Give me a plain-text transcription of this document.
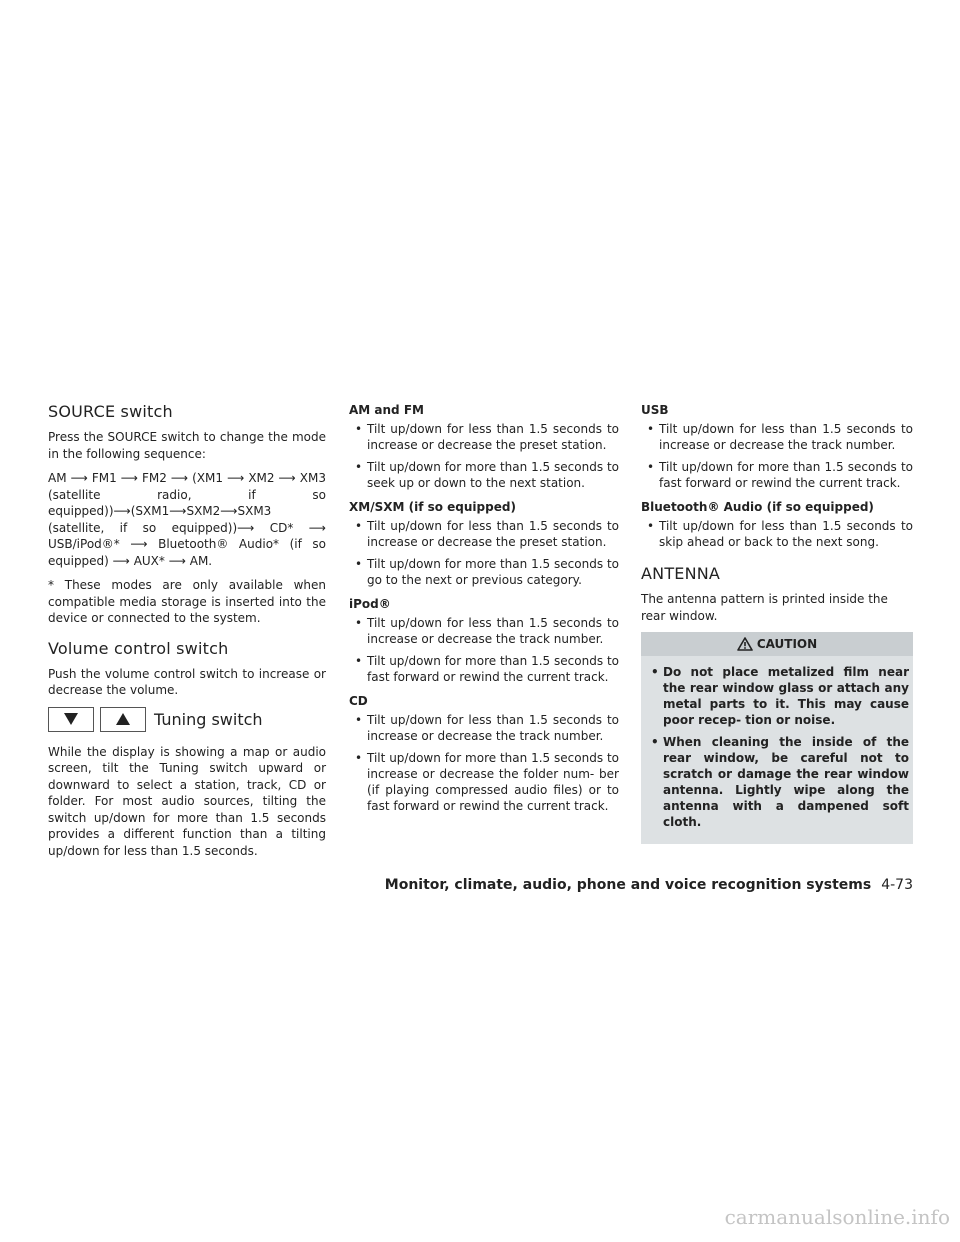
SOURCE switch

Press the SOURCE switch to change the mode in the following sequence:

AM ⟶ FM1 ⟶ FM2 ⟶ (XM1 ⟶ XM2 ⟶ XM3 (satellite radio, if so equipped))⟶(SXM1⟶SXM2⟶SXM3 (satellite, if so equipped))⟶ CD* ⟶ USB/iPod®* ⟶ Bluetooth® Audio* (if so equipped) ⟶ AUX* ⟶ AM.

* These modes are only available when compatible media storage is inserted into the device or connected to the system.

Volume control switch

Push the volume control switch to increase or decrease the volume.

Tuning switch

While the display is showing a map or audio screen, tilt the Tuning switch upward or downward to select a station, track, CD or folder. For most audio sources, tilting the switch up/down for more than 1.5 seconds provides a different function than a tilting up/down for less than 1.5 seconds.

AM and FM
• Tilt up/down for less than 1.5 seconds to increase or decrease the preset station.
• Tilt up/down for more than 1.5 seconds to seek up or down to the next station.
XM/SXM (if so equipped)
• Tilt up/down for less than 1.5 seconds to increase or decrease the preset station.
• Tilt up/down for more than 1.5 seconds to go to the next or previous category.
iPod®
• Tilt up/down for less than 1.5 seconds to increase or decrease the track number.
• Tilt up/down for more than 1.5 seconds to fast forward or rewind the current track.
CD
• Tilt up/down for less than 1.5 seconds to increase or decrease the track number.
• Tilt up/down for more than 1.5 seconds to increase or decrease the folder num- ber (if playing compressed audio files) or to fast forward or rewind the current track.
USB
• Tilt up/down for less than 1.5 seconds to increase or decrease the track number.
• Tilt up/down for more than 1.5 seconds to fast forward or rewind the current track.
Bluetooth® Audio (if so equipped)
• Tilt up/down for less than 1.5 seconds to skip ahead or back to the next song.
ANTENNA

The antenna pattern is printed inside the rear window.

CAUTION
• Do not place metalized film near the rear window glass or attach any metal parts to it. This may cause poor recep- tion or noise.
• When cleaning the inside of the rear window, be careful not to scratch or damage the rear window antenna. Lightly wipe along the antenna with a dampened soft cloth.
Monitor, climate, audio, phone and voice recognition systems 4-73
carmanualsonline.info
